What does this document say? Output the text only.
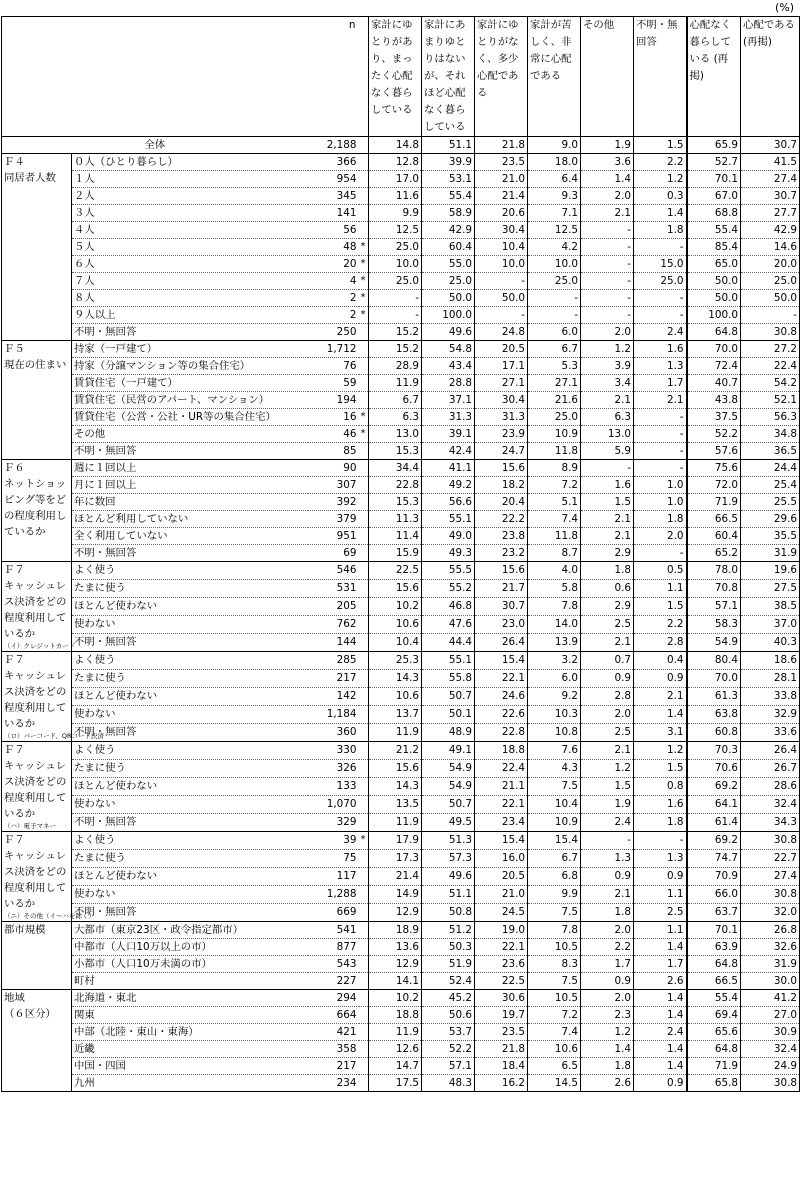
(%)
		n		家計にゆとりがあり、まったく心配なく暮らしている	家計にあまりゆとりはないが、それほど心配なく暮らしている	家計にゆとりがなく、多少心配である	家計が苦しく、非常に心配である	その他	不明・無回答	心配なく暮らしている (再掲)	心配である (再掲)
全体		2,188		14.8	51.1	21.8	9.0	1.9	1.5	65.9	30.7
Ｆ４
同居者人数	０人（ひとり暮らし）	366		12.8	39.9	23.5	18.0	3.6	2.2	52.7	41.5
	１人	954		17.0	53.1	21.0	6.4	1.4	1.2	70.1	27.4
	２人	345		11.6	55.4	21.4	9.3	2.0	0.3	67.0	30.7
	３人	141		9.9	58.9	20.6	7.1	2.1	1.4	68.8	27.7
	４人	56		12.5	42.9	30.4	12.5	-	1.8	55.4	42.9
	５人	48	*	25.0	60.4	10.4	4.2	-	-	85.4	14.6
	６人	20	*	10.0	55.0	10.0	10.0	-	15.0	65.0	20.0
	７人	4	*	25.0	25.0	-	25.0	-	25.0	50.0	25.0
	８人	2	*	-	50.0	50.0	-	-	-	50.0	50.0
	９人以上	2	*	-	100.0	-	-	-	-	100.0	-
	不明・無回答	250		15.2	49.6	24.8	6.0	2.0	2.4	64.8	30.8
Ｆ５
現在の住まい	持家（一戸建て）	1,712		15.2	54.8	20.5	6.7	1.2	1.6	70.0	27.2
	持家（分譲マンション等の集合住宅）	76		28.9	43.4	17.1	5.3	3.9	1.3	72.4	22.4
	賃貸住宅（一戸建て）	59		11.9	28.8	27.1	27.1	3.4	1.7	40.7	54.2
	賃貸住宅（民営のアパート、マンション）	194		6.7	37.1	30.4	21.6	2.1	2.1	43.8	52.1
	賃貸住宅（公営・公社・UR等の集合住宅）	16	*	6.3	31.3	31.3	25.0	6.3	-	37.5	56.3
	その他	46	*	13.0	39.1	23.9	10.9	13.0	-	52.2	34.8
	不明・無回答	85		15.3	42.4	24.7	11.8	5.9	-	57.6	36.5
Ｆ６
ネットショッピング等をどの程度利用しているか	週に１回以上	90		34.4	41.1	15.6	8.9	-	-	75.6	24.4
	月に１回以上	307		22.8	49.2	18.2	7.2	1.6	1.0	72.0	25.4
	年に数回	392		15.3	56.6	20.4	5.1	1.5	1.0	71.9	25.5
	ほとんど利用していない	379		11.3	55.1	22.2	7.4	2.1	1.8	66.5	29.6
	全く利用していない	951		11.4	49.0	23.8	11.8	2.1	2.0	60.4	35.5
	不明・無回答	69		15.9	49.3	23.2	8.7	2.9	-	65.2	31.9
Ｆ７
キャッシュレス決済をどの程度利用しているか
（イ）クレジットカード	よく使う	546		22.5	55.5	15.6	4.0	1.8	0.5	78.0	19.6
	たまに使う	531		15.6	55.2	21.7	5.8	0.6	1.1	70.8	27.5
	ほとんど使わない	205		10.2	46.8	30.7	7.8	2.9	1.5	57.1	38.5
	使わない	762		10.6	47.6	23.0	14.0	2.5	2.2	58.3	37.0
	不明・無回答	144		10.4	44.4	26.4	13.9	2.1	2.8	54.9	40.3
Ｆ７
キャッシュレス決済をどの程度利用しているか
（ロ）バーコード、QRコード決済	よく使う	285		25.3	55.1	15.4	3.2	0.7	0.4	80.4	18.6
	たまに使う	217		14.3	55.8	22.1	6.0	0.9	0.9	70.0	28.1
	ほとんど使わない	142		10.6	50.7	24.6	9.2	2.8	2.1	61.3	33.8
	使わない	1,184		13.7	50.1	22.6	10.3	2.0	1.4	63.8	32.9
	不明・無回答	360		11.9	48.9	22.8	10.8	2.5	3.1	60.8	33.6
Ｆ７
キャッシュレス決済をどの程度利用しているか
（ハ）電子マネー	よく使う	330		21.2	49.1	18.8	7.6	2.1	1.2	70.3	26.4
	たまに使う	326		15.6	54.9	22.4	4.3	1.2	1.5	70.6	26.7
	ほとんど使わない	133		14.3	54.9	21.1	7.5	1.5	0.8	69.2	28.6
	使わない	1,070		13.5	50.7	22.1	10.4	1.9	1.6	64.1	32.4
	不明・無回答	329		11.9	49.5	23.4	10.9	2.4	1.8	61.4	34.3
Ｆ７
キャッシュレス決済をどの程度利用しているか
（ニ）その他（イ～ハを除く）	よく使う	39	*	17.9	51.3	15.4	15.4	-	-	69.2	30.8
	たまに使う	75		17.3	57.3	16.0	6.7	1.3	1.3	74.7	22.7
	ほとんど使わない	117		21.4	49.6	20.5	6.8	0.9	0.9	70.9	27.4
	使わない	1,288		14.9	51.1	21.0	9.9	2.1	1.1	66.0	30.8
	不明・無回答	669		12.9	50.8	24.5	7.5	1.8	2.5	63.7	32.0
都市規模	大都市（東京23区・政令指定都市）	541		18.9	51.2	19.0	7.8	2.0	1.1	70.1	26.8
	中都市（人口10万以上の市）	877		13.6	50.3	22.1	10.5	2.2	1.4	63.9	32.6
	小都市（人口10万未満の市）	543		12.9	51.9	23.6	8.3	1.7	1.7	64.8	31.9
	町村	227		14.1	52.4	22.5	7.5	0.9	2.6	66.5	30.0
地域
（６区分）	北海道・東北	294		10.2	45.2	30.6	10.5	2.0	1.4	55.4	41.2
	関東	664		18.8	50.6	19.7	7.2	2.3	1.4	69.4	27.0
	中部（北陸・東山・東海）	421		11.9	53.7	23.5	7.4	1.2	2.4	65.6	30.9
	近畿	358		12.6	52.2	21.8	10.6	1.4	1.4	64.8	32.4
	中国・四国	217		14.7	57.1	18.4	6.5	1.8	1.4	71.9	24.9
	九州	234		17.5	48.3	16.2	14.5	2.6	0.9	65.8	30.8
